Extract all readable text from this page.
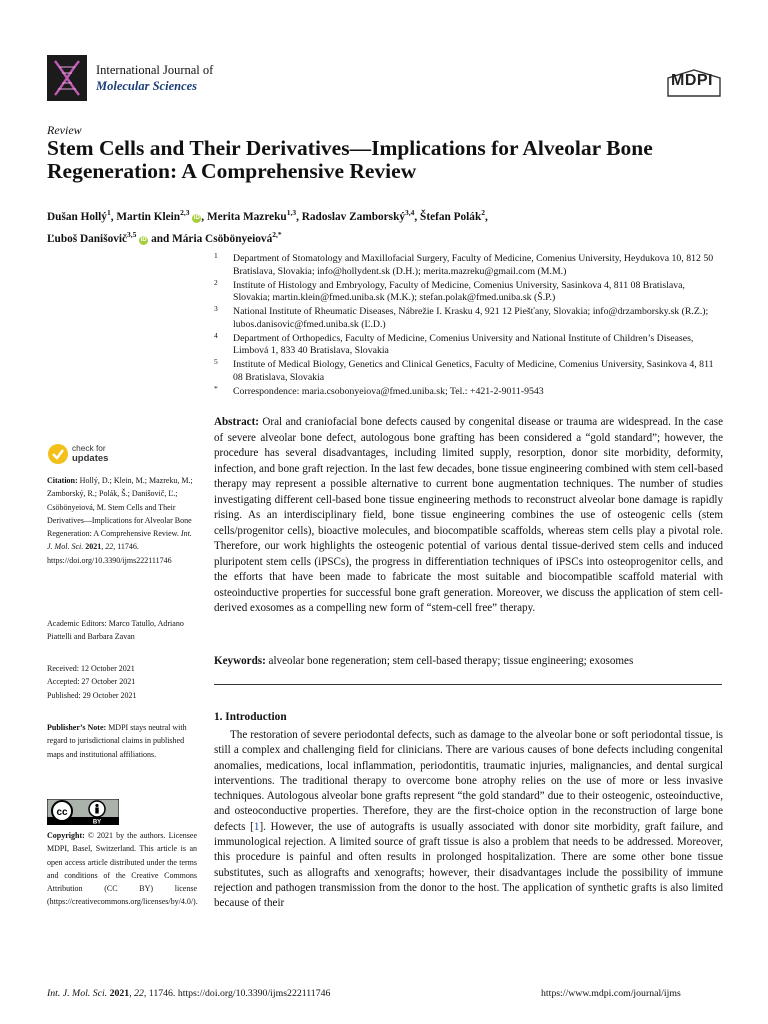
International Journal of
Molecular Sciences	MDPI
Review
Stem Cells and Their Derivatives—Implications for Alveolar Bone Regeneration: A Comprehensive Review
Dušan Hollý$^1$, Martin Klein$^{2,3}$ iD , Merita Mazreku$^{1,3}$, Radoslav Zamborský$^{3,4}$, Štefan Polák$^2$,
Ľuboš Danišovič$^{3,5}$ iD and Mária Csöbönyeiová$^{2,*}$
1 Department of Stomatology and Maxillofacial Surgery, Faculty of Medicine, Comenius University, Heydukova 10, 812 50 Bratislava, Slovakia; info@hollydent.sk (D.H.); merita.mazreku@gmail.com (M.M.)
2 Institute of Histology and Embryology, Faculty of Medicine, Comenius University, Sasinkova 4, 811 08 Bratislava, Slovakia; martin.klein@fmed.uniba.sk (M.K.); stefan.polak@fmed.uniba.sk (Š.P.)
3 National Institute of Rheumatic Diseases, Nábrežie I. Krasku 4, 921 12 Piešťany, Slovakia; info@drzamborsky.sk (R.Z.); lubos.danisovic@fmed.uniba.sk (Ľ.D.)
4 Department of Orthopedics, Faculty of Medicine, Comenius University and National Institute of Children’s Diseases, Limbová 1, 833 40 Bratislava, Slovakia
5 Institute of Medical Biology, Genetics and Clinical Genetics, Faculty of Medicine, Comenius University, Sasinkova 4, 811 08 Bratislava, Slovakia
* Correspondence: maria.csobonyeiova@fmed.uniba.sk; Tel.: +421-2-9011-9543

Abstract: Oral and craniofacial bone defects caused by congenital disease or trauma are widespread. In the case of severe alveolar bone defect, autologous bone grafting has been considered a “gold standard”; however, the procedure has several disadvantages, including limited supply, resorption, donor site morbidity, deformity, infection, and bone graft rejection. In the last few decades, bone tissue engineering combined with stem cell-based therapy may represent a possible alternative to current bone augmentation techniques. The number of studies investigating different cell-based bone tissue engineering methods to reconstruct alveolar bone damage is rapidly rising. As an interdisciplinary field, bone tissue engineering combines the use of osteogenic cells (stem cells/progenitor cells), bioactive molecules, and biocompatible scaffolds, whereas stem cells play a pivotal role. Therefore, our work highlights the osteogenic potential of various dental tissue-derived stem cells and induced pluripotent stem cells (iPSCs), the progress in differentiation techniques of iPSCs into osteoprogenitor cells, and the efforts that have been made to fabricate the most suitable and biocompatible scaffold material with osteoinductive properties for successful bone graft generation. Moreover, we discuss the application of stem cell-derived exosomes as a compelling new form of “stem-cell free” therapy.

Keywords: alveolar bone regeneration; stem cell-based therapy; tissue engineering; exosomes
1. Introduction

The restoration of severe periodontal defects, such as damage to the alveolar bone or soft periodontal tissue, is still a complex and challenging field for clinicians. There are various causes of bone defects including congenital anomalies, medications, local inflammation, periodontitis, traumatic injuries, malignancies, and dental surgical interventions. The traditional therapy to overcome bone atrophy relies on the use of more or less invasive techniques. Autologous alveolar bone grafts represent “the gold standard” due to their osteogenic, osteoinductive, and osteoconductive properties. Therefore, they are the first-choice option in the reconstruction of large bone defects [1]. However, the use of autografts is usually associated with donor site morbidity, graft failure, and immunological rejection. A limited source of graft tissue is also a problem that needs to be addressed. Moreover, this procedure is painful and often results in prolonged hospitalization. There are some other bone tissue substitutes, such as allografts and xenografts; however, their disadvantages include the possibility of immune rejection and pathogen transmission from the donor to the host. The application of synthetic grafts is also limited because of their

check for
updates
Citation: Hollý, D.; Klein, M.; Mazreku, M.; Zamborský, R.; Polák, Š.; Danišovič, Ľ.; Csöbönyeiová, M. Stem Cells and Their Derivatives—Implications for Alveolar Bone Regeneration: A Comprehensive Review. Int. J. Mol. Sci. 2021, 22, 11746. https://doi.org/10.3390/ijms222111746
Academic Editors: Marco Tatullo, Adriano Piattelli and Barbara Zavan
Received: 12 October 2021
Accepted: 27 October 2021
Published: 29 October 2021
Publisher’s Note: MDPI stays neutral with regard to jurisdictional claims in published maps and institutional affiliations.
cc
BY
Copyright: © 2021 by the authors. Licensee MDPI, Basel, Switzerland. This article is an open access article distributed under the terms and conditions of the Creative Commons Attribution (CC BY) license (https://creativecommons.org/licenses/by/4.0/).
Int. J. Mol. Sci. 2021, 22, 11746. https://doi.org/10.3390/ijms222111746	https://www.mdpi.com/journal/ijms
